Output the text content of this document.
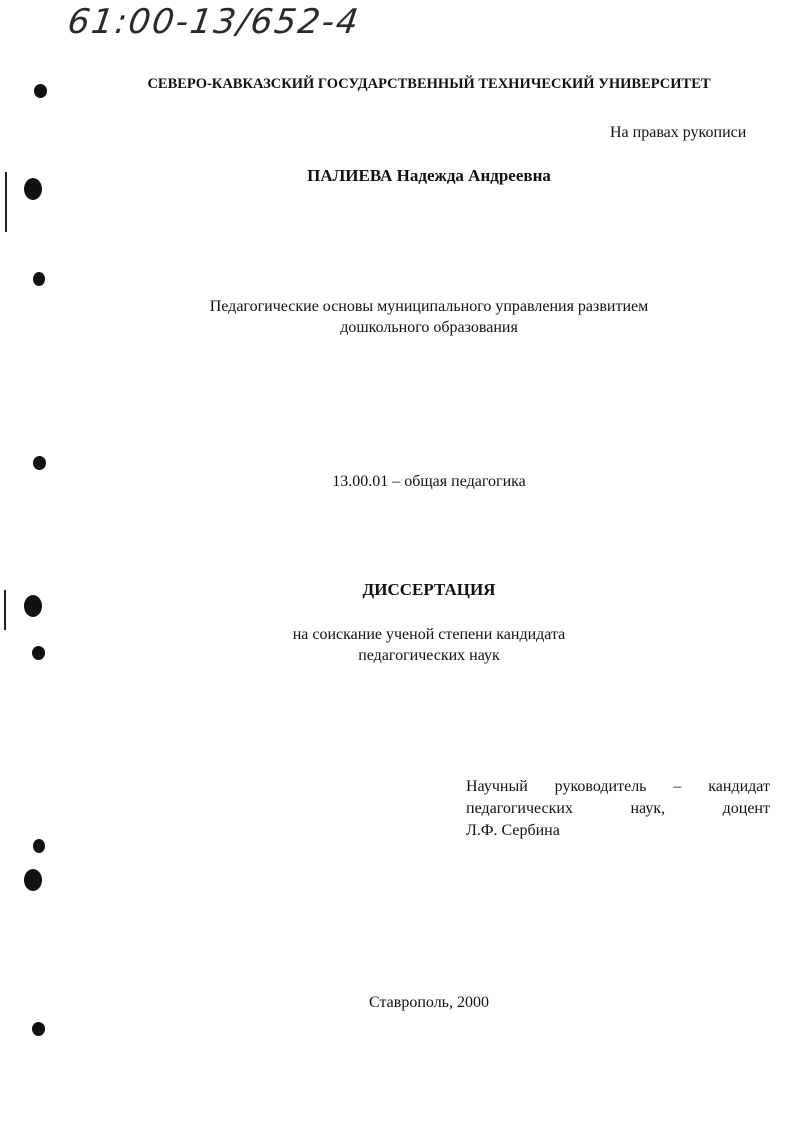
61:00-13/652-4
СЕВЕРО-КАВКАЗСКИЙ ГОСУДАРСТВЕННЫЙ ТЕХНИЧЕСКИЙ УНИВЕРСИТЕТ
На правах рукописи
ПАЛИЕВА Надежда Андреевна
Педагогические основы муниципального управления развитием
дошкольного образования
13.00.01 – общая педагогика
ДИССЕРТАЦИЯ
на соискание ученой степени кандидата
педагогических наук
Научный руководитель – кандидат
педагогических	наук,	доцент
Л.Ф. Сербина
Ставрополь, 2000
